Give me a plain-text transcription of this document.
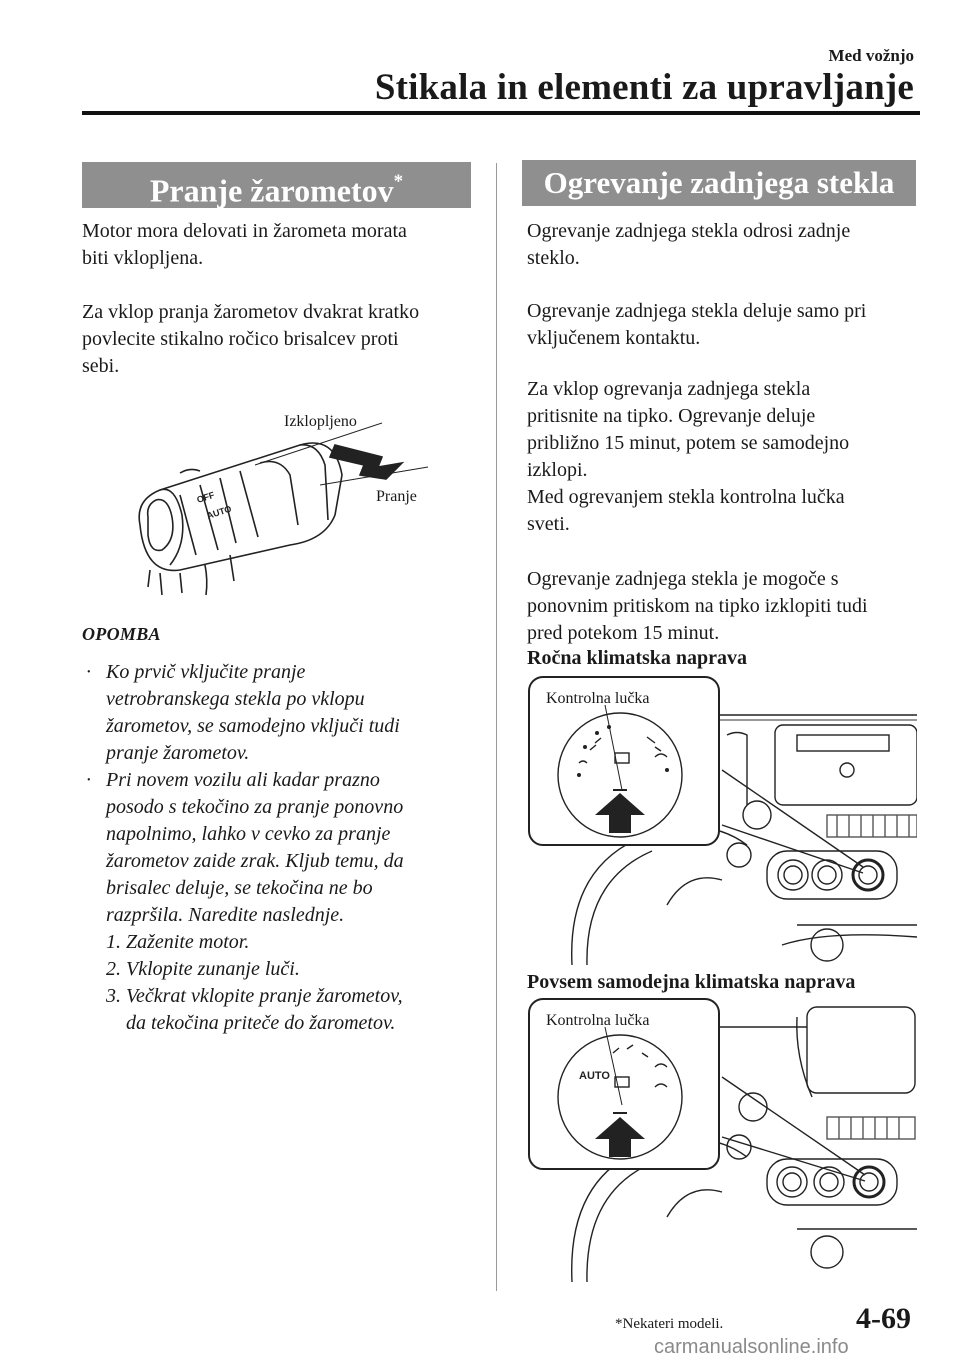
Med vožnjo
Stikala in elementi za upravljanje
Pranje žarometov*

Motor mora delovati in žarometa morata

biti vklopljena.

Za vklop pranja žarometov dvakrat kratko

povlecite stikalno ročico brisalcev proti

sebi.

OFF
AUTO
Izklopljeno
Pranje
OPOMBA
· Ko prvič vključite pranje
vetrobranskega stekla po vklopu
žarometov, se samodejno vključi tudi
pranje žarometov.
· Pri novem vozilu ali kadar prazno
posodo s tekočino za pranje ponovno
napolnimo, lahko v cevko za pranje
žarometov zaide zrak. Kljub temu, da
brisalec deluje, se tekočina ne bo
razpršila. Naredite naslednje.
1. Zaženite motor.
2. Vklopite zunanje luči.
3. Večkrat vklopite pranje žarometov,
da tekočina priteče do žarometov.
Ogrevanje zadnjega stekla

Ogrevanje zadnjega stekla odrosi zadnje

steklo.

Ogrevanje zadnjega stekla deluje samo pri

vključenem kontaktu.

Za vklop ogrevanja zadnjega stekla

pritisnite na tipko. Ogrevanje deluje

približno 15 minut, potem se samodejno

izklopi.

Med ogrevanjem stekla kontrolna lučka

sveti.

Ogrevanje zadnjega stekla je mogoče s

ponovnim pritiskom na tipko izklopiti tudi

pred potekom 15 minut.

Ročna klimatska naprava
Kontrolna lučka
Povsem samodejna klimatska naprava
AUTO
Kontrolna lučka
*Nekateri modeli.	4-69
carmanualsonline.info
